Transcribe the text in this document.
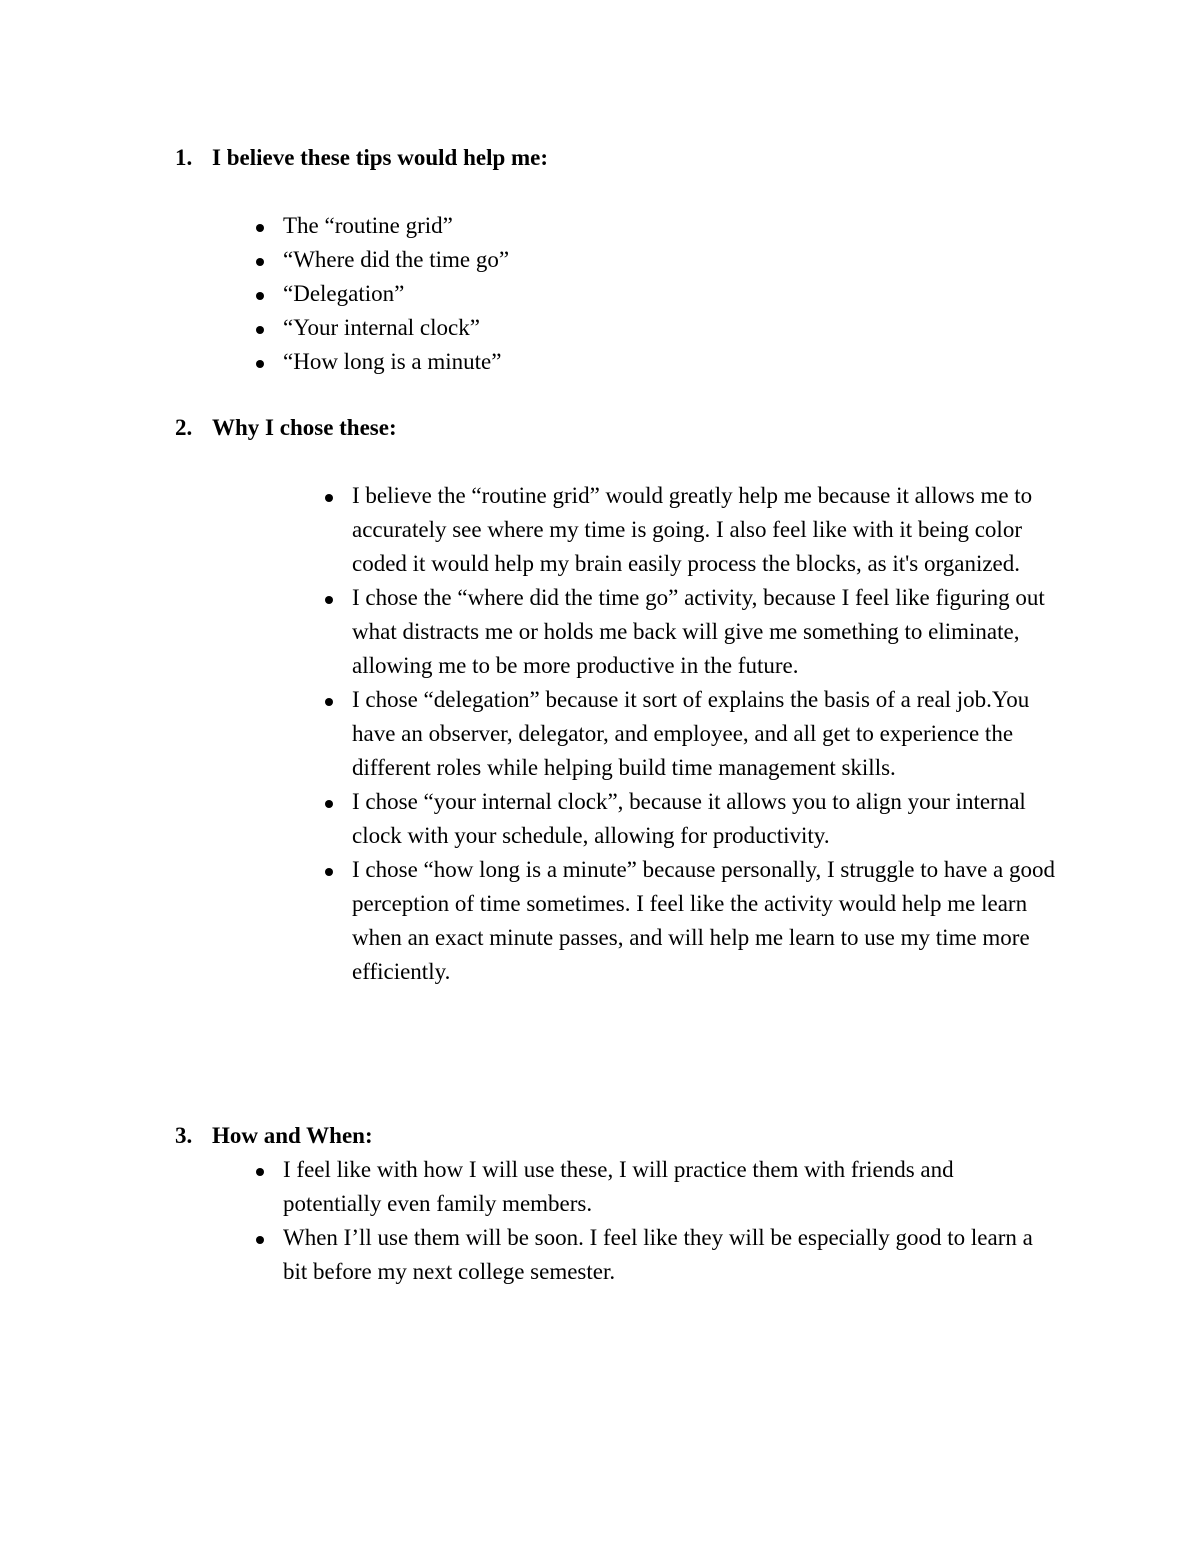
1. I believe these tips would help me:
The “routine grid”
“Where did the time go”
“Delegation”
“Your internal clock”
“How long is a minute”
2. Why I chose these:
I believe the “routine grid” would greatly help me because it allows me to accurately see where my time is going. I also feel like with it being color coded it would help my brain easily process the blocks, as it's organized.
I chose the “where did the time go” activity, because I feel like figuring out what distracts me or holds me back will give me something to eliminate, allowing me to be more productive in the future.
I chose “delegation” because it sort of explains the basis of a real job.You have an observer, delegator, and employee, and all get to experience the different roles while helping build time management skills.
I chose “your internal clock”, because it allows you to align your internal clock with your schedule, allowing for productivity.
I chose “how long is a minute” because personally, I struggle to have a good perception of time sometimes. I feel like the activity would help me learn when an exact minute passes, and will help me learn to use my time more efficiently.
3. How and When:
I feel like with how I will use these, I will practice them with friends and potentially even family members.
When I’ll use them will be soon. I feel like they will be especially good to learn a bit before my next college semester.
